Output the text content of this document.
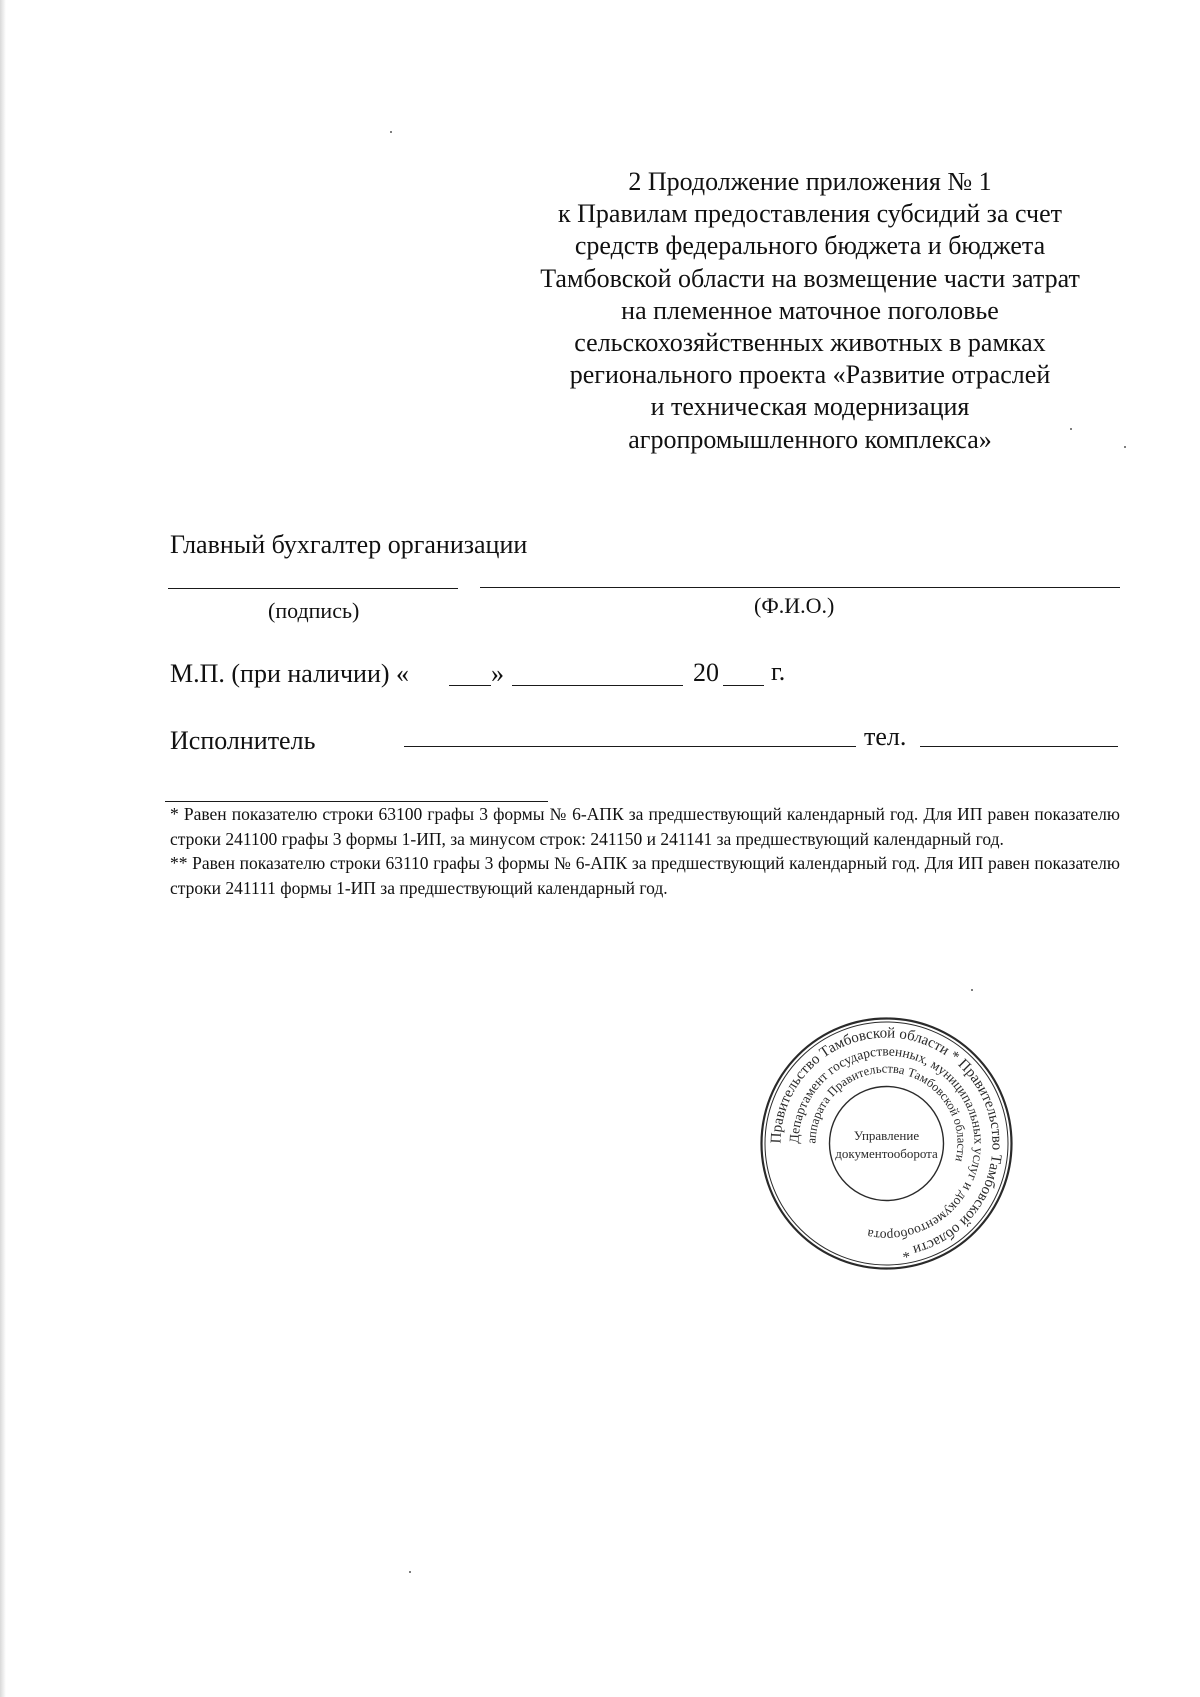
2 Продолжение приложения № 1
к Правилам предоставления субсидий за счет
средств федерального бюджета и бюджета
Тамбовской области на возмещение части затрат
на племенное маточное поголовье
сельскохозяйственных животных в рамках
регионального проекта «Развитие отраслей
и техническая модернизация
агропромышленного комплекса»
Главный бухгалтер организации
(подпись)	(Ф.И.О.)
М.П. (при наличии) «	»	20 г.
Исполнитель	тел.

* Равен показателю строки 63100 графы 3 формы № 6-АПК за предшествующий календарный год. Для ИП равен показателю строки 241100 графы 3 формы 1-ИП, за минусом строк: 241150 и 241141 за предшествующий календарный год.

** Равен показателю строки 63110 графы 3 формы № 6-АПК за предшествующий календарный год. Для ИП равен показателю строки 241111 формы 1-ИП за предшествующий календарный год.

Правительство Тамбовской области * Правительство Тамбовской области *
Департамент государственных, муниципальных услуг и документооборота
аппарата Правительства Тамбовской области
Управление
документооборота
